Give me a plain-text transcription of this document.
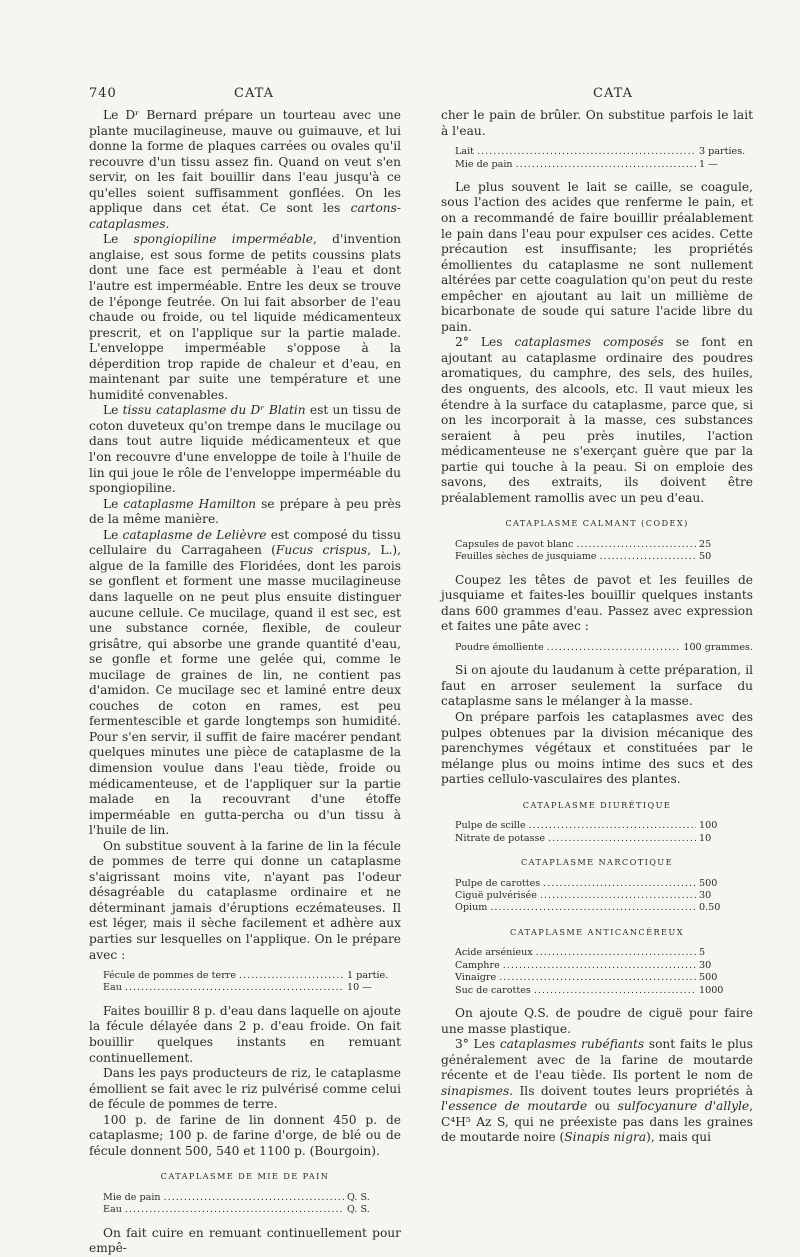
740	CATA	CATA

Le Dʳ Bernard prépare un tourteau avec une plante mucilagineuse, mauve ou guimauve, et lui donne la forme de plaques carrées ou ovales qu'il recouvre d'un tissu assez fin. Quand on veut s'en servir, on les fait bouillir dans l'eau jusqu'à ce qu'elles soient suffisamment gonflées. On les applique dans cet état. Ce sont les cartons-cataplasmes.

Le spongiopiline imperméable, d'invention anglaise, est sous forme de petits coussins plats dont une face est perméable à l'eau et dont l'autre est imperméable. Entre les deux se trouve de l'éponge feutrée. On lui fait absorber de l'eau chaude ou froide, ou tel liquide médicamenteux prescrit, et on l'applique sur la partie malade. L'enveloppe imperméable s'oppose à la déperdition trop rapide de chaleur et d'eau, en maintenant par suite une température et une humidité convenables.

Le tissu cataplasme du Dʳ Blatin est un tissu de coton duveteux qu'on trempe dans le mucilage ou dans tout autre liquide médicamenteux et que l'on recouvre d'une enveloppe de toile à l'huile de lin qui joue le rôle de l'enveloppe imperméable du spongiopiline.

Le cataplasme Hamilton se prépare à peu près de la même manière.

Le cataplasme de Lelièvre est composé du tissu cellulaire du Carragaheen (Fucus crispus, L.), algue de la famille des Floridées, dont les parois se gonflent et forment une masse mucilagineuse dans laquelle on ne peut plus ensuite distinguer aucune cellule. Ce mucilage, quand il est sec, est une substance cornée, flexible, de couleur grisâtre, qui absorbe une grande quantité d'eau, se gonfle et forme une gelée qui, comme le mucilage de graines de lin, ne contient pas d'amidon. Ce mucilage sec et laminé entre deux couches de coton en rames, est peu fermentescible et garde longtemps son humidité. Pour s'en servir, il suffit de faire macérer pendant quelques minutes une pièce de cataplasme de la dimension voulue dans l'eau tiède, froide ou médicamenteuse, et de l'appliquer sur la partie malade en la recouvrant d'une étoffe imperméable en gutta-percha ou d'un tissu à l'huile de lin.

On substitue souvent à la farine de lin la fécule de pommes de terre qui donne un cataplasme s'aigrissant moins vite, n'ayant pas l'odeur désagréable du cataplasme ordinaire et ne déterminant jamais d'éruptions eczémateuses. Il est léger, mais il sèche facilement et adhère aux parties sur lesquelles on l'applique. On le prépare avec :

Fécule de pommes de terre .....	1 partie.
Eau .....	10 —

Faites bouillir 8 p. d'eau dans laquelle on ajoute la fécule délayée dans 2 p. d'eau froide. On fait bouillir quelques instants en remuant continuellement.

Dans les pays producteurs de riz, le cataplasme émollient se fait avec le riz pulvérisé comme celui de fécule de pommes de terre.

100 p. de farine de lin donnent 450 p. de cataplasme; 100 p. de farine d'orge, de blé ou de fécule donnent 500, 540 et 1100 p. (Bourgoin).

CATAPLASME DE MIE DE PAIN
Mie de pain .....	Q. S.
Eau .....	Q. S.

On fait cuire en remuant continuellement pour empê-

cher le pain de brûler. On substitue parfois le lait à l'eau.

Lait .....	3 parties.
Mie de pain .....	1 —

Le plus souvent le lait se caille, se coagule, sous l'action des acides que renferme le pain, et on a recommandé de faire bouillir préalablement le pain dans l'eau pour expulser ces acides. Cette précaution est insuffisante; les propriétés émollientes du cataplasme ne sont nullement altérées par cette coagulation qu'on peut du reste empêcher en ajoutant au lait un millième de bicarbonate de soude qui sature l'acide libre du pain.

2° Les cataplasmes composés se font en ajoutant au cataplasme ordinaire des poudres aromatiques, du camphre, des sels, des huiles, des onguents, des alcools, etc. Il vaut mieux les étendre à la surface du cataplasme, parce que, si on les incorporait à la masse, ces substances seraient à peu près inutiles, l'action médicamenteuse ne s'exerçant guère que par la partie qui touche à la peau. Si on emploie des savons, des extraits, ils doivent être préalablement ramollis avec un peu d'eau.

CATAPLASME CALMANT (CODEX)
Capsules de pavot blanc .....	25
Feuilles sèches de jusquiame .....	50

Coupez les têtes de pavot et les feuilles de jusquiame et faites-les bouillir quelques instants dans 600 grammes d'eau. Passez avec expression et faites une pâte avec :

Poudre émollìente .....	100 grammes.

Si on ajoute du laudanum à cette préparation, il faut en arroser seulement la surface du cataplasme sans le mélanger à la masse.

On prépare parfois les cataplasmes avec des pulpes obtenues par la division mécanique des parenchymes végétaux et constituées par le mélange plus ou moins intime des sucs et des parties cellulo-vasculaires des plantes.

CATAPLASME DIURÉTIQUE
Pulpe de scille .....	100
Nitrate de potasse .....	10
CATAPLASME NARCOTIQUE
Pulpe de carottes .....	500
Ciguë pulvérisée .....	30
Opium .....	0.50
CATAPLASME ANTICANCÉREUX
Acide arsénieux .....	5
Camphre .....	30
Vinaigre .....	500
Suc de carottes .....	1000

On ajoute Q.S. de poudre de ciguë pour faire une masse plastique.

3° Les cataplasmes rubéfiants sont faits le plus généralement avec de la farine de moutarde récente et de l'eau tiède. Ils portent le nom de sinapismes. Ils doivent toutes leurs propriétés à l'essence de moutarde ou sulfocyanure d'allyle, C⁴H⁵ Az S, qui ne préexiste pas dans les graines de moutarde noire (Sinapis nigra), mais qui
